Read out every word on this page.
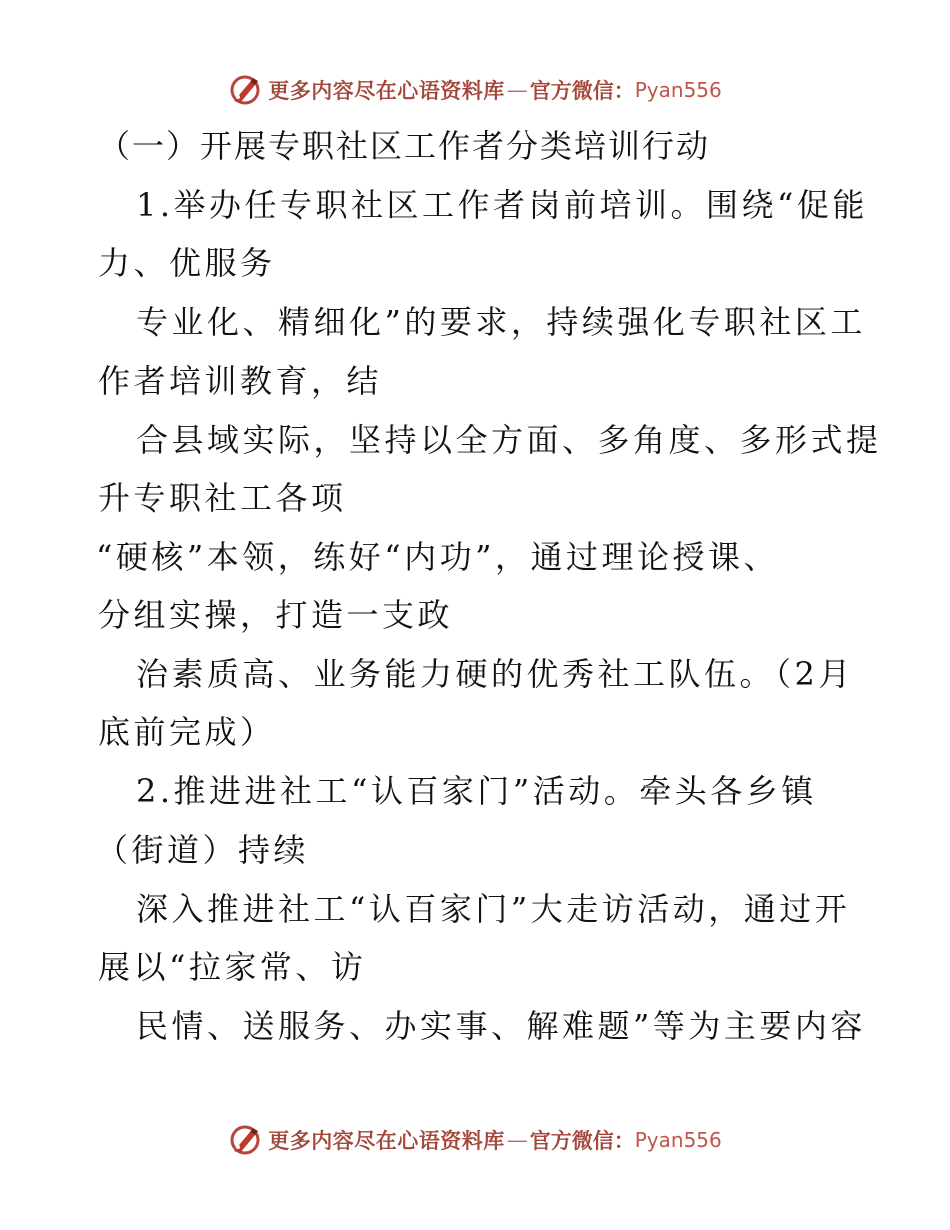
更多内容尽在心语资料库 — 官方微信： Pyan556
（一）开展专职社区工作者分类培训行动
1.举办任专职社区工作者岗前培训。围绕“促能
力、优服务
专业化、精细化”的要求，持续强化专职社区工
作者培训教育，结
合县域实际，坚持以全方面、多角度、多形式提
升专职社工各项
“硬核”本领，练好“内功”，通过理论授课、
分组实操，打造一支政
治素质高、业务能力硬的优秀社工队伍。（2月
底前完成）
2.推进进社工“认百家门”活动。牵头各乡镇
（街道）持续
深入推进社工“认百家门”大走访活动，通过开
展以“拉家常、访
民情、送服务、办实事、解难题”等为主要内容
更多内容尽在心语资料库 — 官方微信： Pyan556
